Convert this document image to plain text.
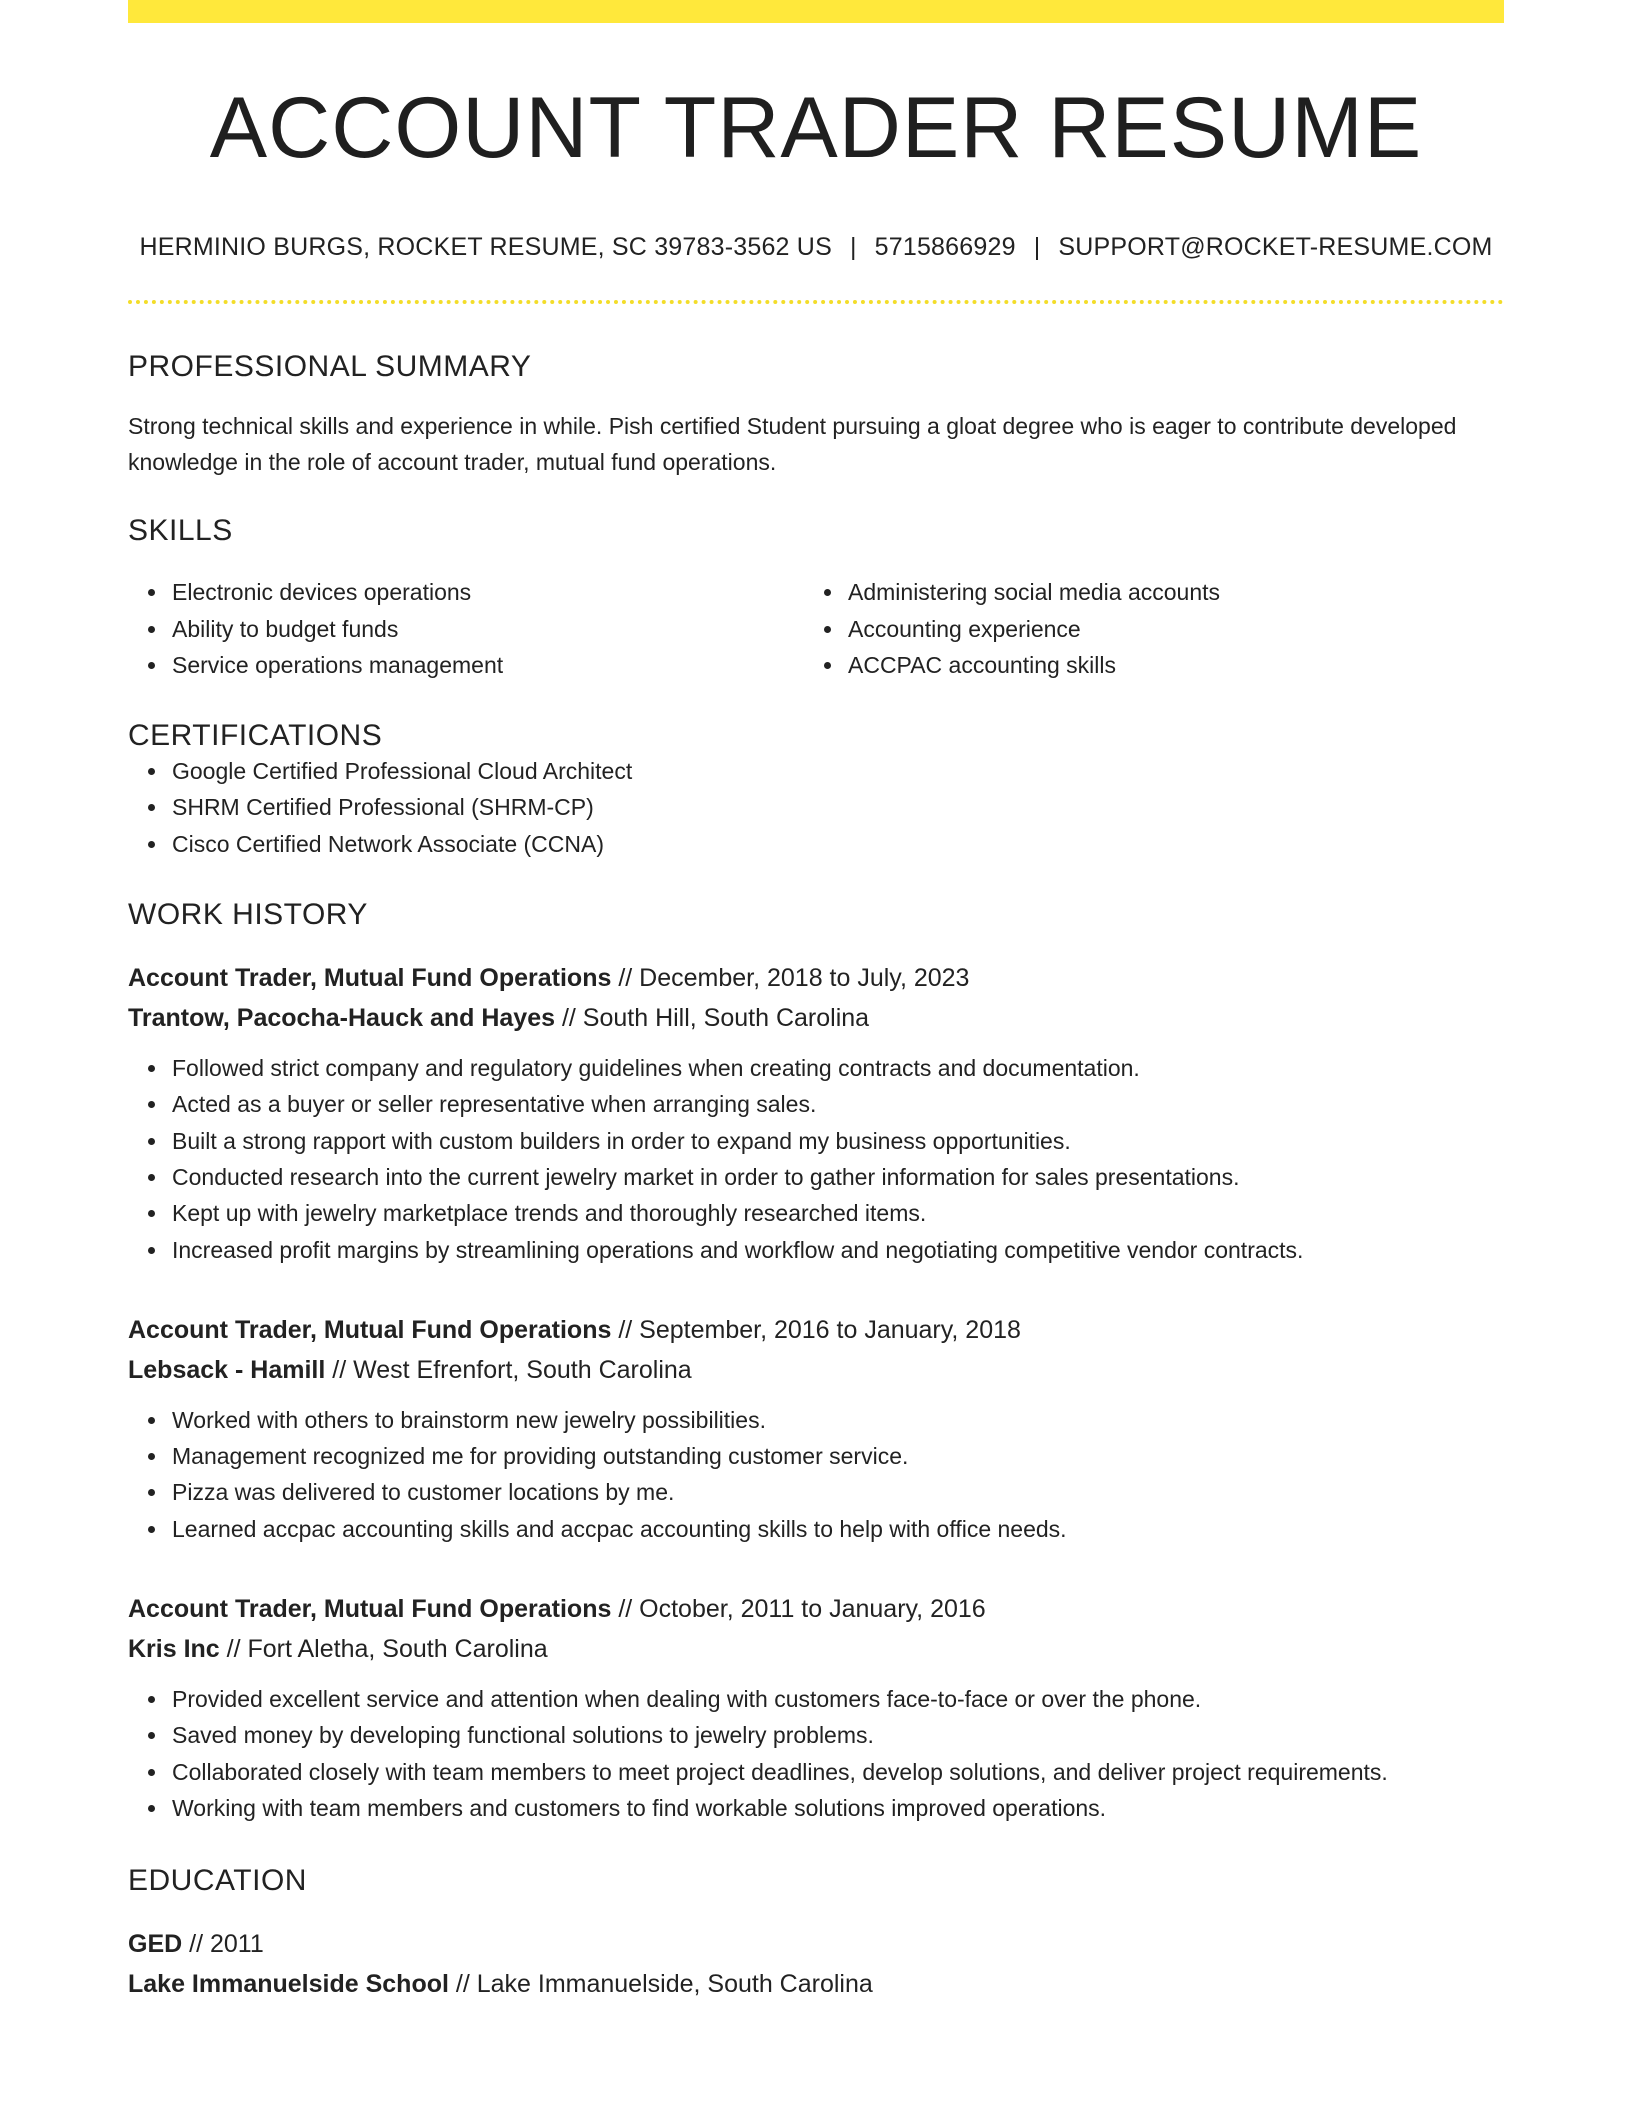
ACCOUNT TRADER RESUME
HERMINIO BURGS, ROCKET RESUME, SC 39783-3562 US | 5715866929 | SUPPORT@ROCKET-RESUME.COM
PROFESSIONAL SUMMARY
Strong technical skills and experience in while. Pish certified Student pursuing a gloat degree who is eager to contribute developed knowledge in the role of account trader, mutual fund operations.
SKILLS
Electronic devices operations
Ability to budget funds
Service operations management
Administering social media accounts
Accounting experience
ACCPAC accounting skills
CERTIFICATIONS
Google Certified Professional Cloud Architect
SHRM Certified Professional (SHRM-CP)
Cisco Certified Network Associate (CCNA)
WORK HISTORY
Account Trader, Mutual Fund Operations // December, 2018 to July, 2023
Trantow, Pacocha-Hauck and Hayes // South Hill, South Carolina
Followed strict company and regulatory guidelines when creating contracts and documentation.
Acted as a buyer or seller representative when arranging sales.
Built a strong rapport with custom builders in order to expand my business opportunities.
Conducted research into the current jewelry market in order to gather information for sales presentations.
Kept up with jewelry marketplace trends and thoroughly researched items.
Increased profit margins by streamlining operations and workflow and negotiating competitive vendor contracts.
Account Trader, Mutual Fund Operations // September, 2016 to January, 2018
Lebsack - Hamill // West Efrenfort, South Carolina
Worked with others to brainstorm new jewelry possibilities.
Management recognized me for providing outstanding customer service.
Pizza was delivered to customer locations by me.
Learned accpac accounting skills and accpac accounting skills to help with office needs.
Account Trader, Mutual Fund Operations // October, 2011 to January, 2016
Kris Inc // Fort Aletha, South Carolina
Provided excellent service and attention when dealing with customers face-to-face or over the phone.
Saved money by developing functional solutions to jewelry problems.
Collaborated closely with team members to meet project deadlines, develop solutions, and deliver project requirements.
Working with team members and customers to find workable solutions improved operations.
EDUCATION
GED // 2011
Lake Immanuelside School // Lake Immanuelside, South Carolina
